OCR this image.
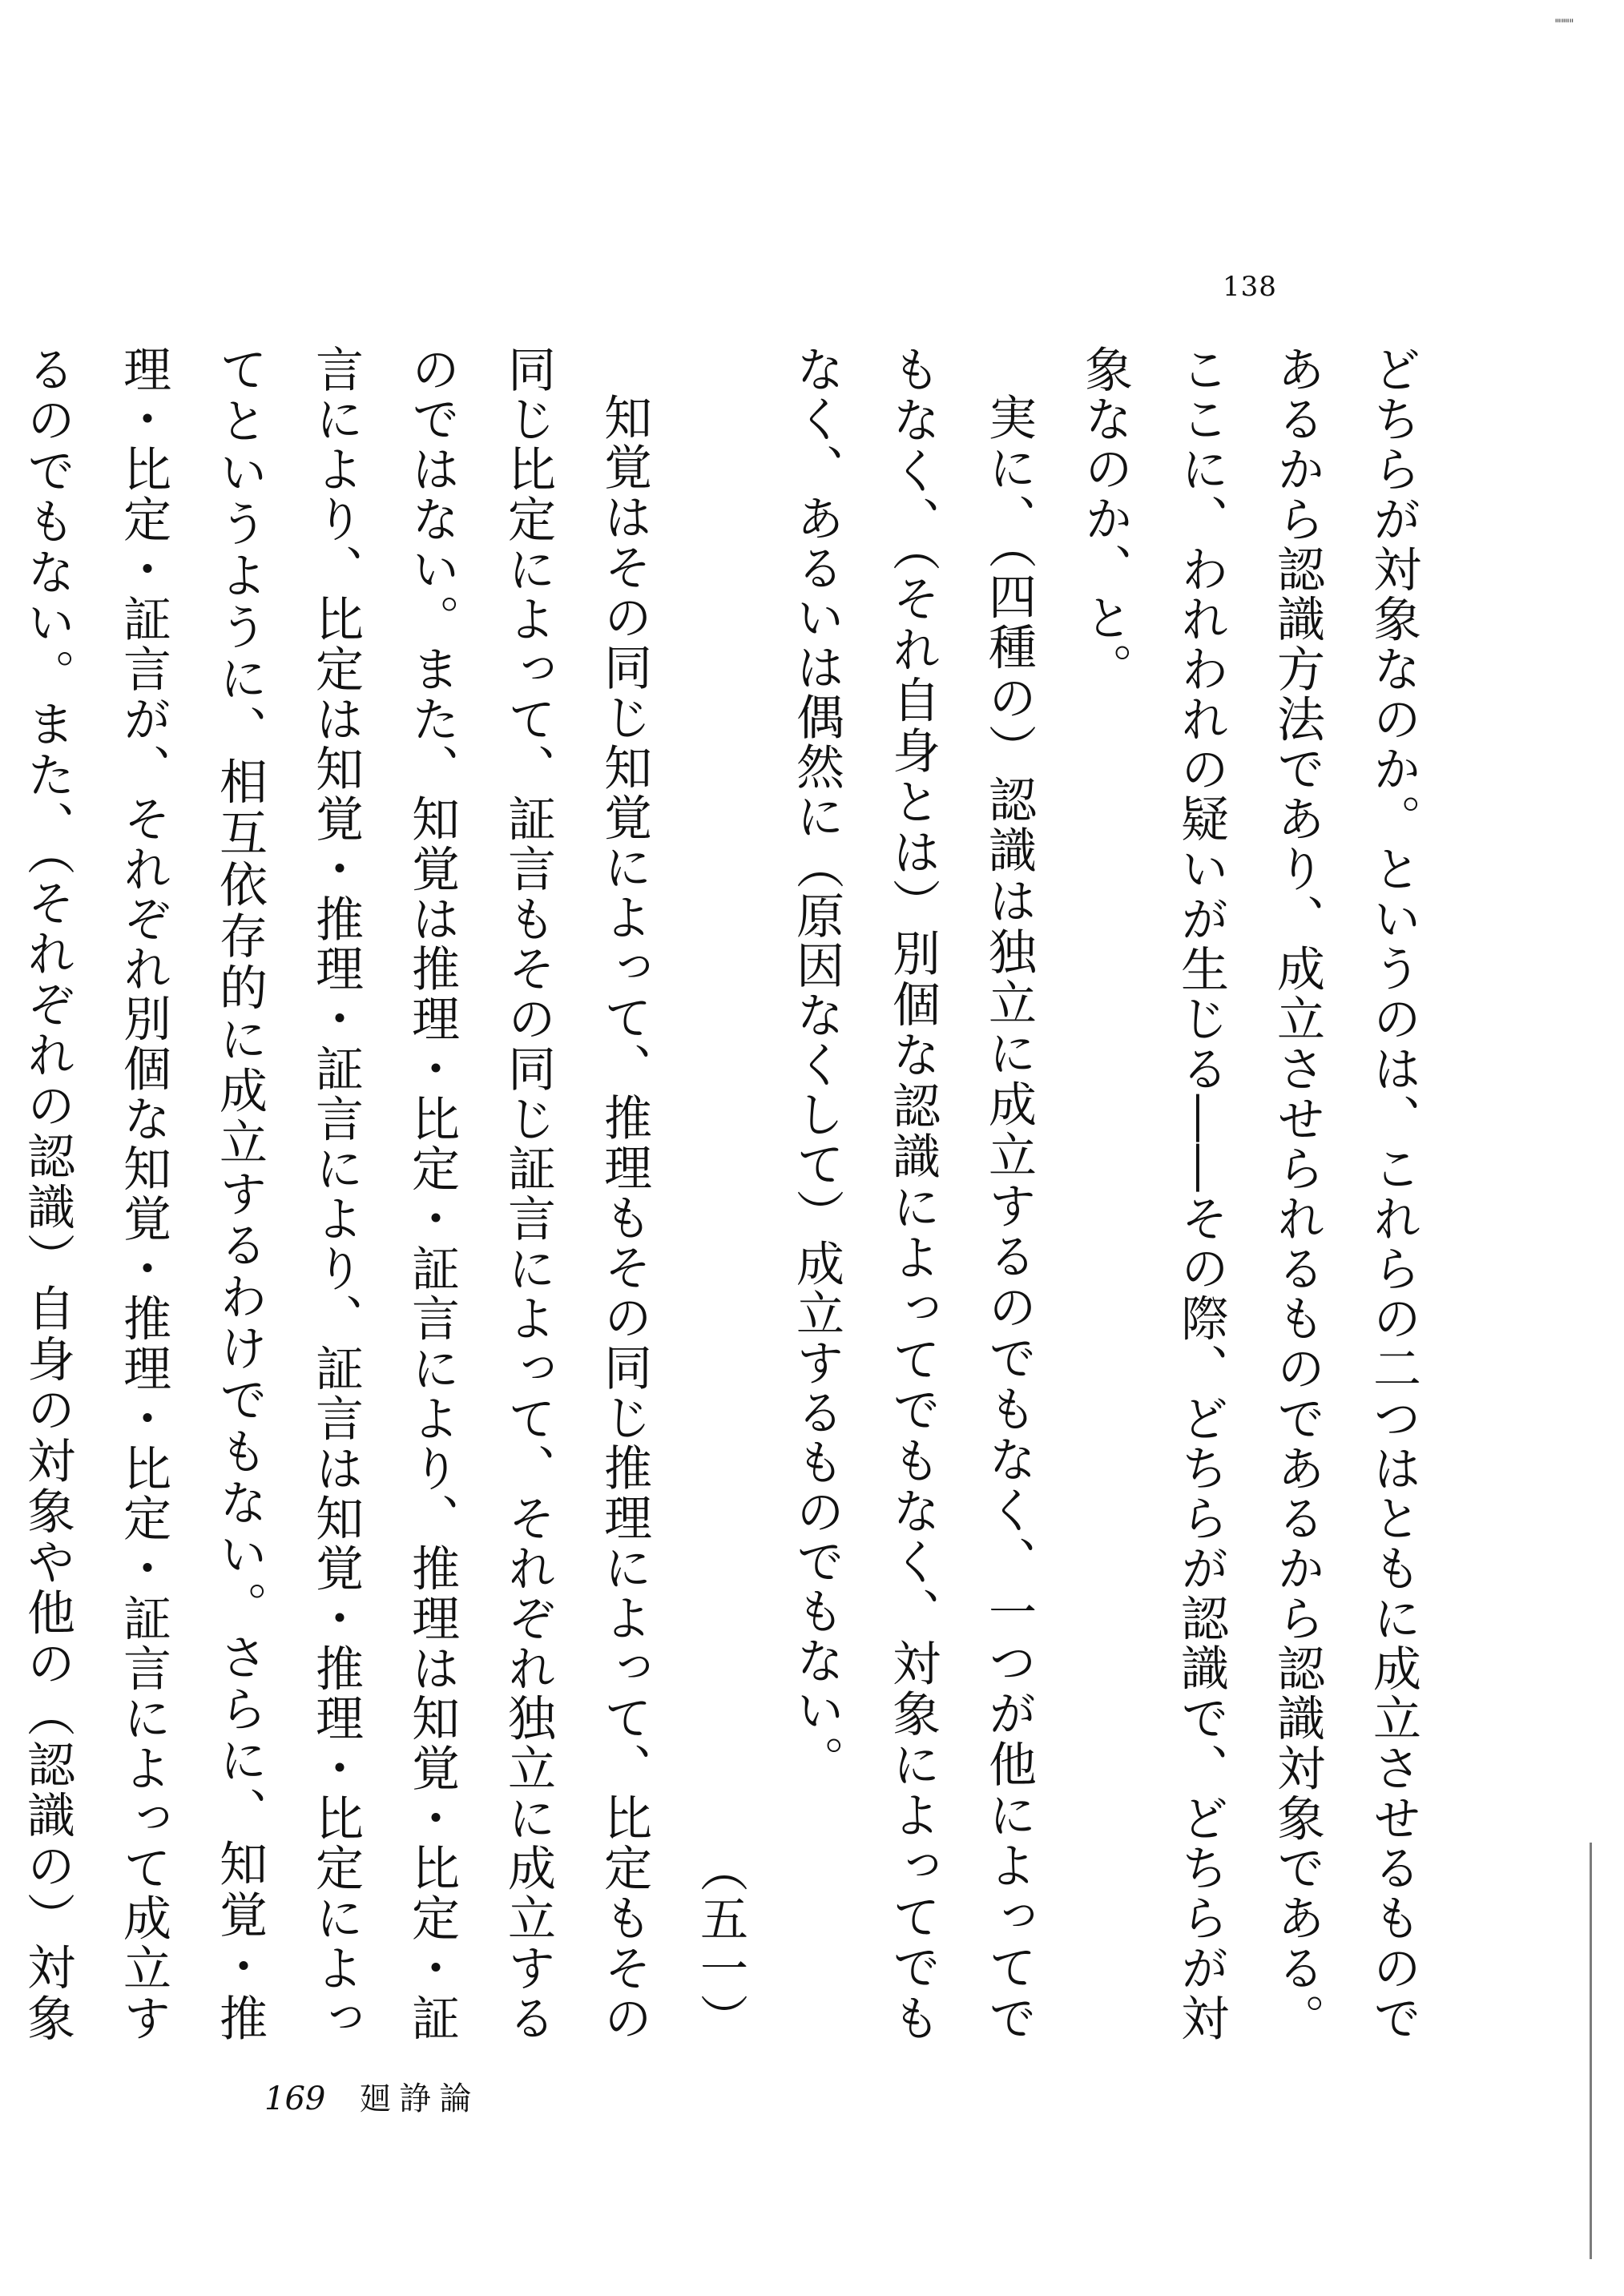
''"''"'
138

どちらが対象なのか。というのは、これらの二つはともに成立させるものであるから認識方法であり、成立させられるものであるから認識対象である。ここに、われわれの疑いが生じる――その際、どちらが認識で、どちらが対象なのか、と。

実に、（四種の）認識は独立に成立するのでもなく、一つが他によってでもなく、（それ自身とは）別個な認識によってでもなく、対象によってでもなく、あるいは偶然に（原因なくして）成立するものでもない。

（五一）

知覚はその同じ知覚によって、推理もその同じ推理によって、比定もその同じ比定によって、証言もその同じ証言によって、それぞれ独立に成立するのではない。また、知覚は推理・比定・証言により、推理は知覚・比定・証言により、比定は知覚・推理・証言により、証言は知覚・推理・比定によってというように、相互依存的に成立するわけでもない。さらに、知覚・推理・比定・証言が、それぞれ別個な知覚・推理・比定・証言によって成立するのでもない。また、（それぞれの認識）自身の対象や他の（認識の）対象

169 廻諍論
